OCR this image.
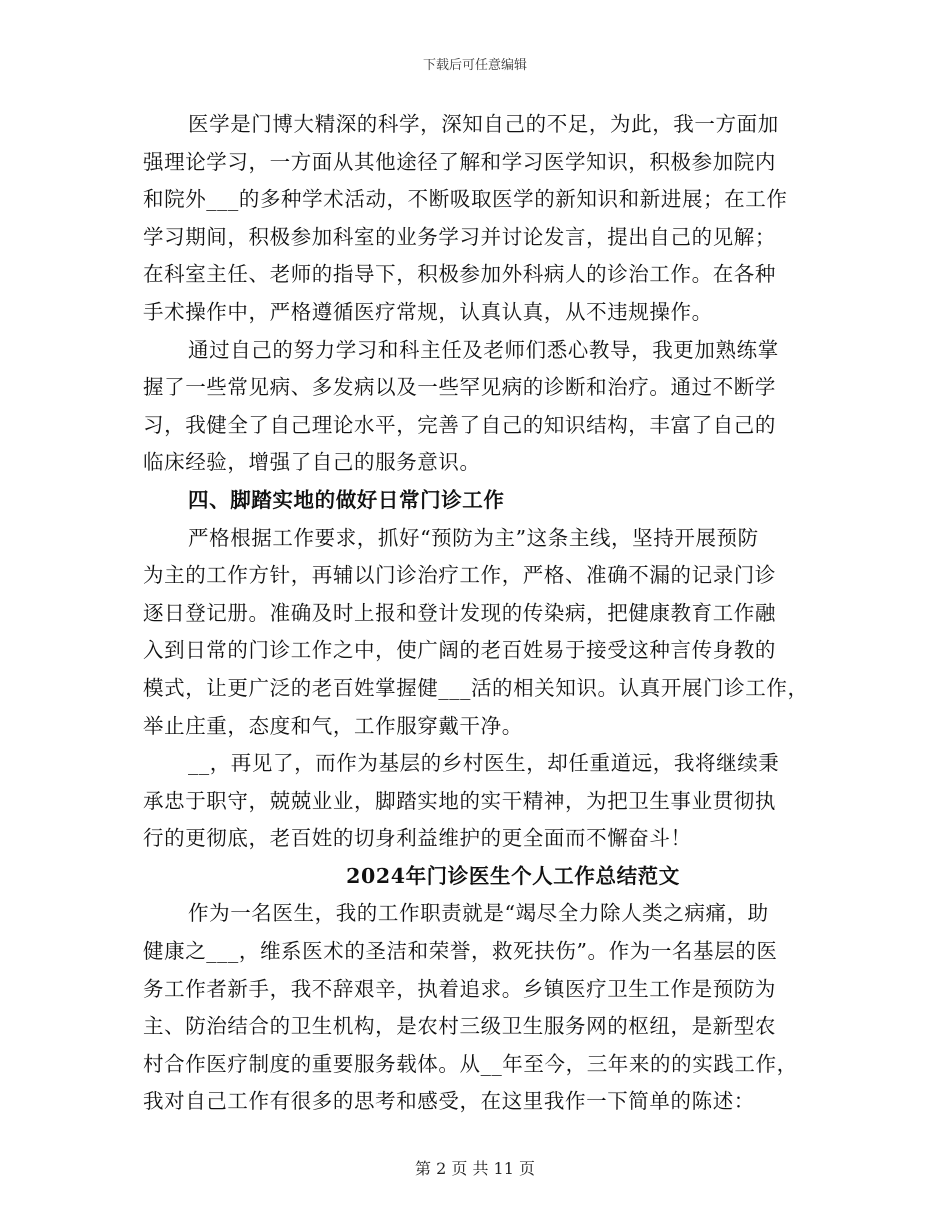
下载后可任意编辑
医学是门博大精深的科学，深知自己的不足，为此，我一方面加
强理论学习，一方面从其他途径了解和学习医学知识，积极参加院内
和院外___的多种学术活动，不断吸取医学的新知识和新进展；在工作
学习期间，积极参加科室的业务学习并讨论发言，提出自己的见解；
在科室主任、老师的指导下，积极参加外科病人的诊治工作。在各种
手术操作中，严格遵循医疗常规，认真认真，从不违规操作。
通过自己的努力学习和科主任及老师们悉心教导，我更加熟练掌
握了一些常见病、多发病以及一些罕见病的诊断和治疗。通过不断学
习，我健全了自己理论水平，完善了自己的知识结构，丰富了自己的
临床经验，增强了自己的服务意识。
四、脚踏实地的做好日常门诊工作
严格根据工作要求，抓好“预防为主”这条主线，坚持开展预防
为主的工作方针，再辅以门诊治疗工作，严格、准确不漏的记录门诊
逐日登记册。准确及时上报和登计发现的传染病，把健康教育工作融
入到日常的门诊工作之中，使广阔的老百姓易于接受这种言传身教的
模式，让更广泛的老百姓掌握健___活的相关知识。认真开展门诊工作，
举止庄重，态度和气，工作服穿戴干净。
__，再见了，而作为基层的乡村医生，却任重道远，我将继续秉
承忠于职守，兢兢业业，脚踏实地的实干精神，为把卫生事业贯彻执
行的更彻底，老百姓的切身利益维护的更全面而不懈奋斗！
2024年门诊医生个人工作总结范文
作为一名医生，我的工作职责就是“竭尽全力除人类之病痛，助
健康之___，维系医术的圣洁和荣誉，救死扶伤”。作为一名基层的医
务工作者新手，我不辞艰辛，执着追求。乡镇医疗卫生工作是预防为
主、防治结合的卫生机构，是农村三级卫生服务网的枢纽，是新型农
村合作医疗制度的重要服务载体。从__年至今，三年来的的实践工作，
我对自己工作有很多的思考和感受，在这里我作一下简单的陈述：
第 2 页 共 11 页
